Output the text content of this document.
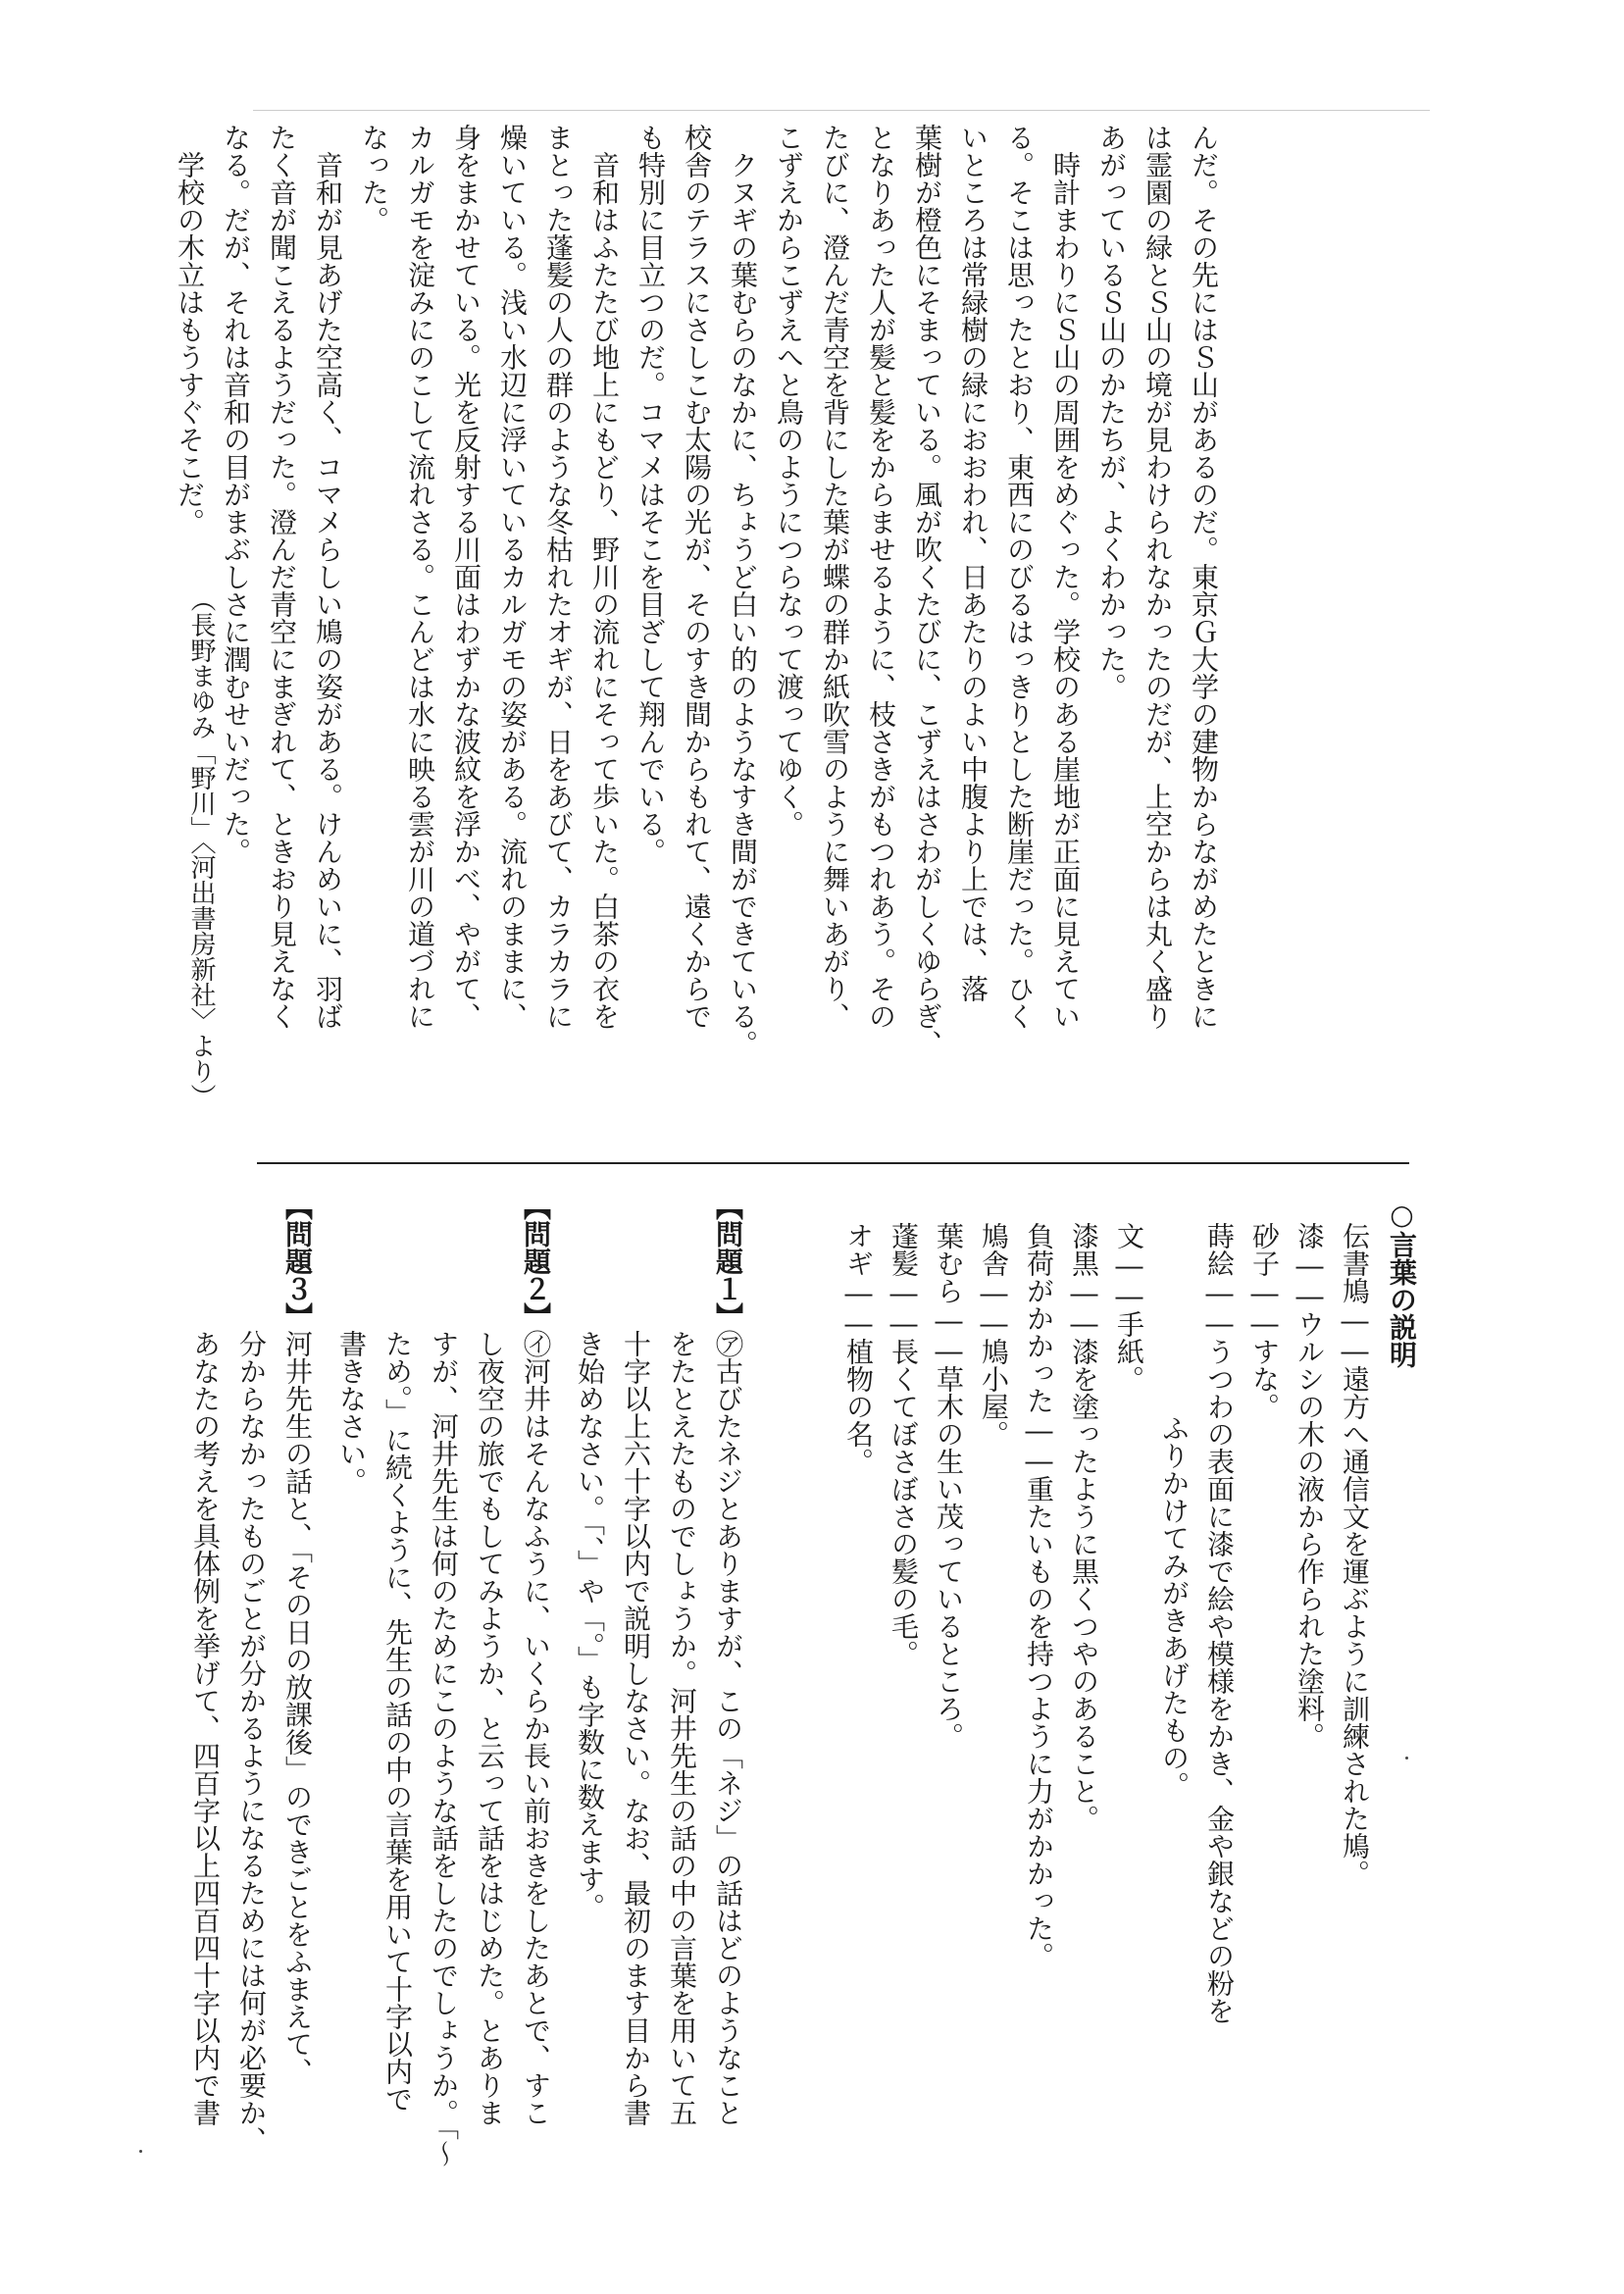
んだ。その先にはＳ山があるのだ。東京Ｇ大学の建物からながめたときに
は霊園の緑とＳ山の境が見わけられなかったのだが、上空からは丸く盛り
あがっているＳ山のかたちが、よくわかった。
　時計まわりにＳ山の周囲をめぐった。学校のある崖地が正面に見えてい
る。そこは思ったとおり、東西にのびるはっきりとした断崖だった。ひく
いところは常緑樹の緑におおわれ、日あたりのよい中腹より上では、落
葉樹が橙色にそまっている。風が吹くたびに、こずえはさわがしくゆらぎ、
となりあった人が髪と髪をからませるように、枝さきがもつれあう。その
たびに、澄んだ青空を背にした葉が蝶の群か紙吹雪のように舞いあがり、
こずえからこずえへと鳥のようにつらなって渡ってゆく。
　クヌギの葉むらのなかに、ちょうど白い的のようなすき間ができている。
校舎のテラスにさしこむ太陽の光が、そのすき間からもれて、遠くからで
も特別に目立つのだ。コマメはそこを目ざして翔んでいる。
　音和はふたたび地上にもどり、野川の流れにそって歩いた。白茶の衣を
まとった蓬髪の人の群のような冬枯れたオギが、日をあびて、カラカラに
燥いている。浅い水辺に浮いているカルガモの姿がある。流れのままに、
身をまかせている。光を反射する川面はわずかな波紋を浮かべ、やがて、
カルガモを淀みにのこして流れさる。こんどは水に映る雲が川の道づれに
なった。
　音和が見あげた空高く、コマメらしい鳩の姿がある。けんめいに、羽ば
たく音が聞こえるようだった。澄んだ青空にまぎれて、ときおり見えなく
なる。だが、それは音和の目がまぶしさに潤むせいだった。
　学校の木立はもうすぐそこだ。
（長野まゆみ「野川」〈河出書房新社〉より）
○言葉の説明
伝書鳩――遠方へ通信文を運ぶように訓練された鳩。
漆――ウルシの木の液から作られた塗料。
砂子――すな。
蒔絵――うつわの表面に漆で絵や模様をかき、金や銀などの粉を
ふりかけてみがきあげたもの。
文――手紙。
漆黒――漆を塗ったように黒くつやのあること。
負荷がかかった――重たいものを持つように力がかかった。
鳩舎――鳩小屋。
葉むら――草木の生い茂っているところ。
蓬髪――長くてぼさぼさの髪の毛。
オギ――植物の名。
【問題１】㋐古びたネジとありますが、この「ネジ」の話はどのようなこと
をたとえたものでしょうか。河井先生の話の中の言葉を用いて五
十字以上六十字以内で説明しなさい。なお、最初のます目から書
き始めなさい。「、」や「。」も字数に数えます。
【問題２】㋑河井はそんなふうに、いくらか長い前おきをしたあとで、すこ
し夜空の旅でもしてみようか、と云って話をはじめた。とありま
すが、河井先生は何のためにこのような話をしたのでしょうか。「～
ため。」に続くように、先生の話の中の言葉を用いて十字以内で
書きなさい。
【問題３】河井先生の話と、「その日の放課後」のできごとをふまえて、
分からなかったものごとが分かるようになるためには何が必要か、
あなたの考えを具体例を挙げて、四百字以上四百四十字以内で書
